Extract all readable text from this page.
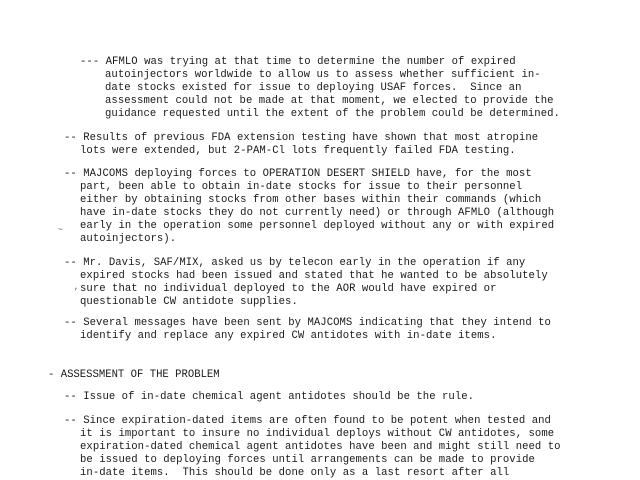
--- AFMLO was trying at that time to determine the number of expired
autoinjectors worldwide to allow us to assess whether sufficient in-
date stocks existed for issue to deploying USAF forces.  Since an
assessment could not be made at that moment, we elected to provide the
guidance requested until the extent of the problem could be determined.
-- Results of previous FDA extension testing have shown that most atropine
lots were extended, but 2-PAM-Cl lots frequently failed FDA testing.
-- MAJCOMS deploying forces to OPERATION DESERT SHIELD have, for the most
part, been able to obtain in-date stocks for issue to their personnel
either by obtaining stocks from other bases within their commands (which
have in-date stocks they do not currently need) or through AFMLO (although
early in the operation some personnel deployed without any or with expired
autoinjectors).
~
-- Mr. Davis, SAF/MIX, asked us by telecon early in the operation if any
expired stocks had been issued and stated that he wanted to be absolutely
sure that no individual deployed to the AOR would have expired or
questionable CW antidote supplies.
,
-- Several messages have been sent by MAJCOMS indicating that they intend to
identify and replace any expired CW antidotes with in-date items.
- ASSESSMENT OF THE PROBLEM
-- Issue of in-date chemical agent antidotes should be the rule.
-- Since expiration-dated items are often found to be potent when tested and
it is important to insure no individual deploys without CW antidotes, some
expiration-dated chemical agent antidotes have been and might still need to
be issued to deploying forces until arrangements can be made to provide
in-date items.  This should be done only as a last resort after all
